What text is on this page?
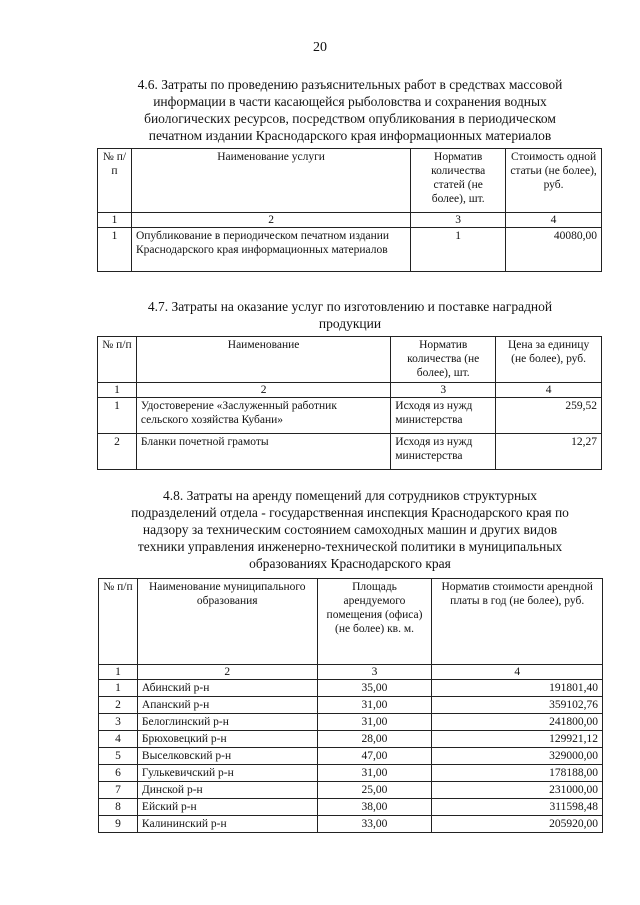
20
4.6. Затраты по проведению разъяснительных работ в средствах массовой
информации в части касающейся рыболовства и сохранения водных
биологических ресурсов, посредством опубликования в периодическом
печатном издании Краснодарского края информационных материалов
№ п/п	Наименование услуги	Норматив количества статей (не более), шт.	Стоимость одной статьи (не более), руб.
1	2	3	4
1	Опубликование в периодическом печатном издании Краснодарского края информационных материалов	1	40080,00
4.7. Затраты на оказание услуг по изготовлению и поставке наградной
продукции
№ п/п	Наименование	Норматив количества (не более), шт.	Цена за единицу (не более), руб.
1	2	3	4
1	Удостоверение «Заслуженный работник сельского хозяйства Кубани»	Исходя из нужд министерства	259,52
2	Бланки почетной грамоты	Исходя из нужд министерства	12,27
4.8. Затраты на аренду помещений для сотрудников структурных
подразделений отдела - государственная инспекция Краснодарского края по
надзору за техническим состоянием самоходных машин и других видов
техники управления инженерно-технической политики в муниципальных
образованиях Краснодарского края
№ п/п	Наименование муниципального образования	Площадь арендуемого помещения (офиса) (не более) кв. м.	Норматив стоимости арендной платы в год (не более), руб.
1	2	3	4
1	Абинский р-н	35,00	191801,40
2	Апанский р-н	31,00	359102,76
3	Белоглинский р-н	31,00	241800,00
4	Брюховецкий р-н	28,00	129921,12
5	Выселковский р-н	47,00	329000,00
6	Гулькевичский р-н	31,00	178188,00
7	Динской р-н	25,00	231000,00
8	Ейский р-н	38,00	311598,48
9	Калининский р-н	33,00	205920,00
